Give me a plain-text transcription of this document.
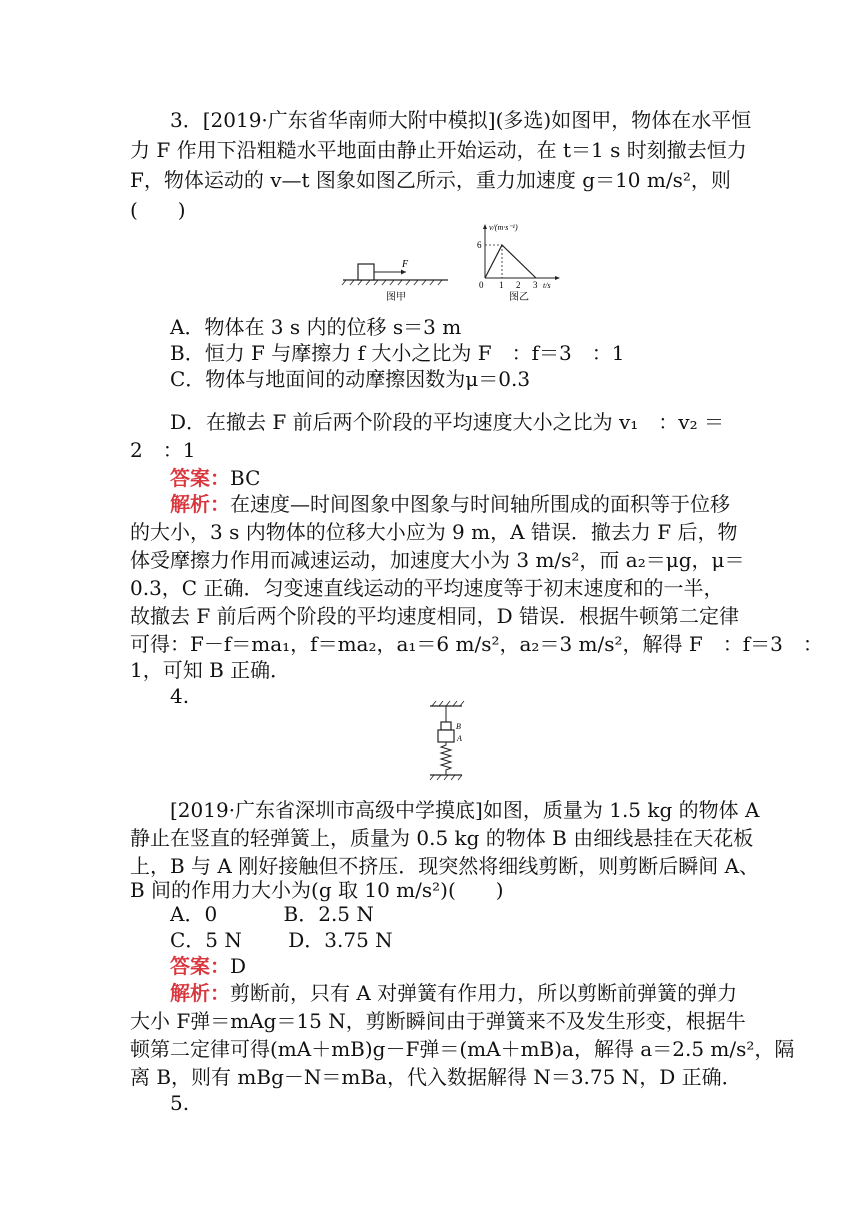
3．[2019·广东省华南师大附中模拟](多选)如图甲，物体在水平恒
力 F 作用下沿粗糙水平地面由静止开始运动，在 t＝1 s 时刻撤去恒力
F，物体运动的 v—t 图象如图乙所示，重力加速度 g＝10 m/s²，则
(　　)
F
图甲
v/(m·s⁻¹)
6
0 1 2 3 t/s
图乙
A．物体在 3 s 内的位移 s＝3 m
B．恒力 F 与摩擦力 f 大小之比为 F　：f＝3　：1
C．物体与地面间的动摩擦因数为μ＝0.3
D．在撤去 F 前后两个阶段的平均速度大小之比为 v₁　：v₂ ＝
2　：1
答案：BC
解析：在速度—时间图象中图象与时间轴所围成的面积等于位移
的大小，3 s 内物体的位移大小应为 9 m，A 错误．撤去力 F 后，物
体受摩擦力作用而减速运动，加速度大小为 3 m/s²，而 a₂＝μg，μ＝
0.3，C 正确．匀变速直线运动的平均速度等于初末速度和的一半，
故撤去 F 前后两个阶段的平均速度相同，D 错误．根据牛顿第二定律
可得：F－f＝ma₁，f＝ma₂，a₁＝6 m/s²，a₂＝3 m/s²，解得 F　：f＝3　：
1，可知 B 正确．
4.
B
A
[2019·广东省深圳市高级中学摸底]如图，质量为 1.5 kg 的物体 A
静止在竖直的轻弹簧上，质量为 0.5 kg 的物体 B 由细线悬挂在天花板
上，B 与 A 刚好接触但不挤压．现突然将细线剪断，则剪断后瞬间 A、
B 间的作用力大小为(g 取 10 m/s²)(　　)
A．0　　　 B．2.5 N
C．5 N　　 D．3.75 N
答案：D
解析：剪断前，只有 A 对弹簧有作用力，所以剪断前弹簧的弹力
大小 F弹＝mAg＝15 N，剪断瞬间由于弹簧来不及发生形变，根据牛
顿第二定律可得(mA＋mB)g－F弹＝(mA＋mB)a，解得 a＝2.5 m/s²，隔
离 B，则有 mBg－N＝mBa，代入数据解得 N＝3.75 N，D 正确．
5.
